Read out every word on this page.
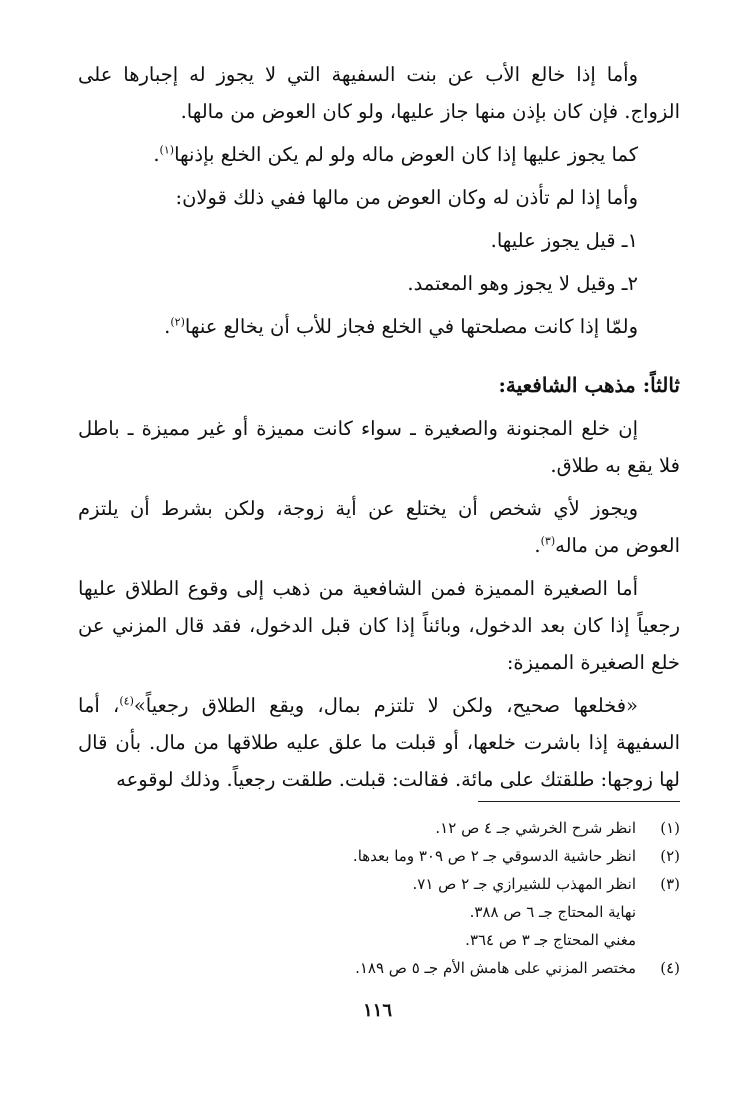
وأما إذا خالع الأب عن بنت السفيهة التي لا يجوز له إجبارها على الزواج. فإن كان بإذن منها جاز عليها، ولو كان العوض من مالها.

كما يجوز عليها إذا كان العوض ماله ولو لم يكن الخلع بإذنها$^{(١)}$.

وأما إذا لم تأذن له وكان العوض من مالها ففي ذلك قولان:

١ـ قيل يجوز عليها.

٢ـ وقيل لا يجوز وهو المعتمد.

ولمّا إذا كانت مصلحتها في الخلع فجاز للأب أن يخالع عنها$^{(٢)}$.

ثالثاً: مذهب الشافعية:

إن خلع المجنونة والصغيرة ـ سواء كانت مميزة أو غير مميزة ـ باطل فلا يقع به طلاق.

ويجوز لأي شخص أن يختلع عن أية زوجة، ولكن بشرط أن يلتزم العوض من ماله$^{(٣)}$.

أما الصغيرة المميزة فمن الشافعية من ذهب إلى وقوع الطلاق عليها رجعياً إذا كان بعد الدخول، وبائناً إذا كان قبل الدخول، فقد قال المزني عن خلع الصغيرة المميزة:

«فخلعها صحيح، ولكن لا تلتزم بمال، ويقع الطلاق رجعياً»$^{(٤)}$، أما السفيهة إذا باشرت خلعها، أو قبلت ما علق عليه طلاقها من مال. بأن قال لها زوجها: طلقتك على مائة. فقالت: قبلت. طلقت رجعياً. وذلك لوقوعه

(١)انظر شرح الخرشي جـ ٤ ص ١٢.
(٢)انظر حاشية الدسوقي جـ ٢ ص ٣٠٩ وما بعدها.
(٣)انظر المهذب للشيرازي جـ ٢ ص ٧١.
نهاية المحتاج جـ ٦ ص ٣٨٨.
مغني المحتاج جـ ٣ ص ٣٦٤.
(٤)مختصر المزني على هامش الأم جـ ٥ ص ١٨٩.
١١٦
